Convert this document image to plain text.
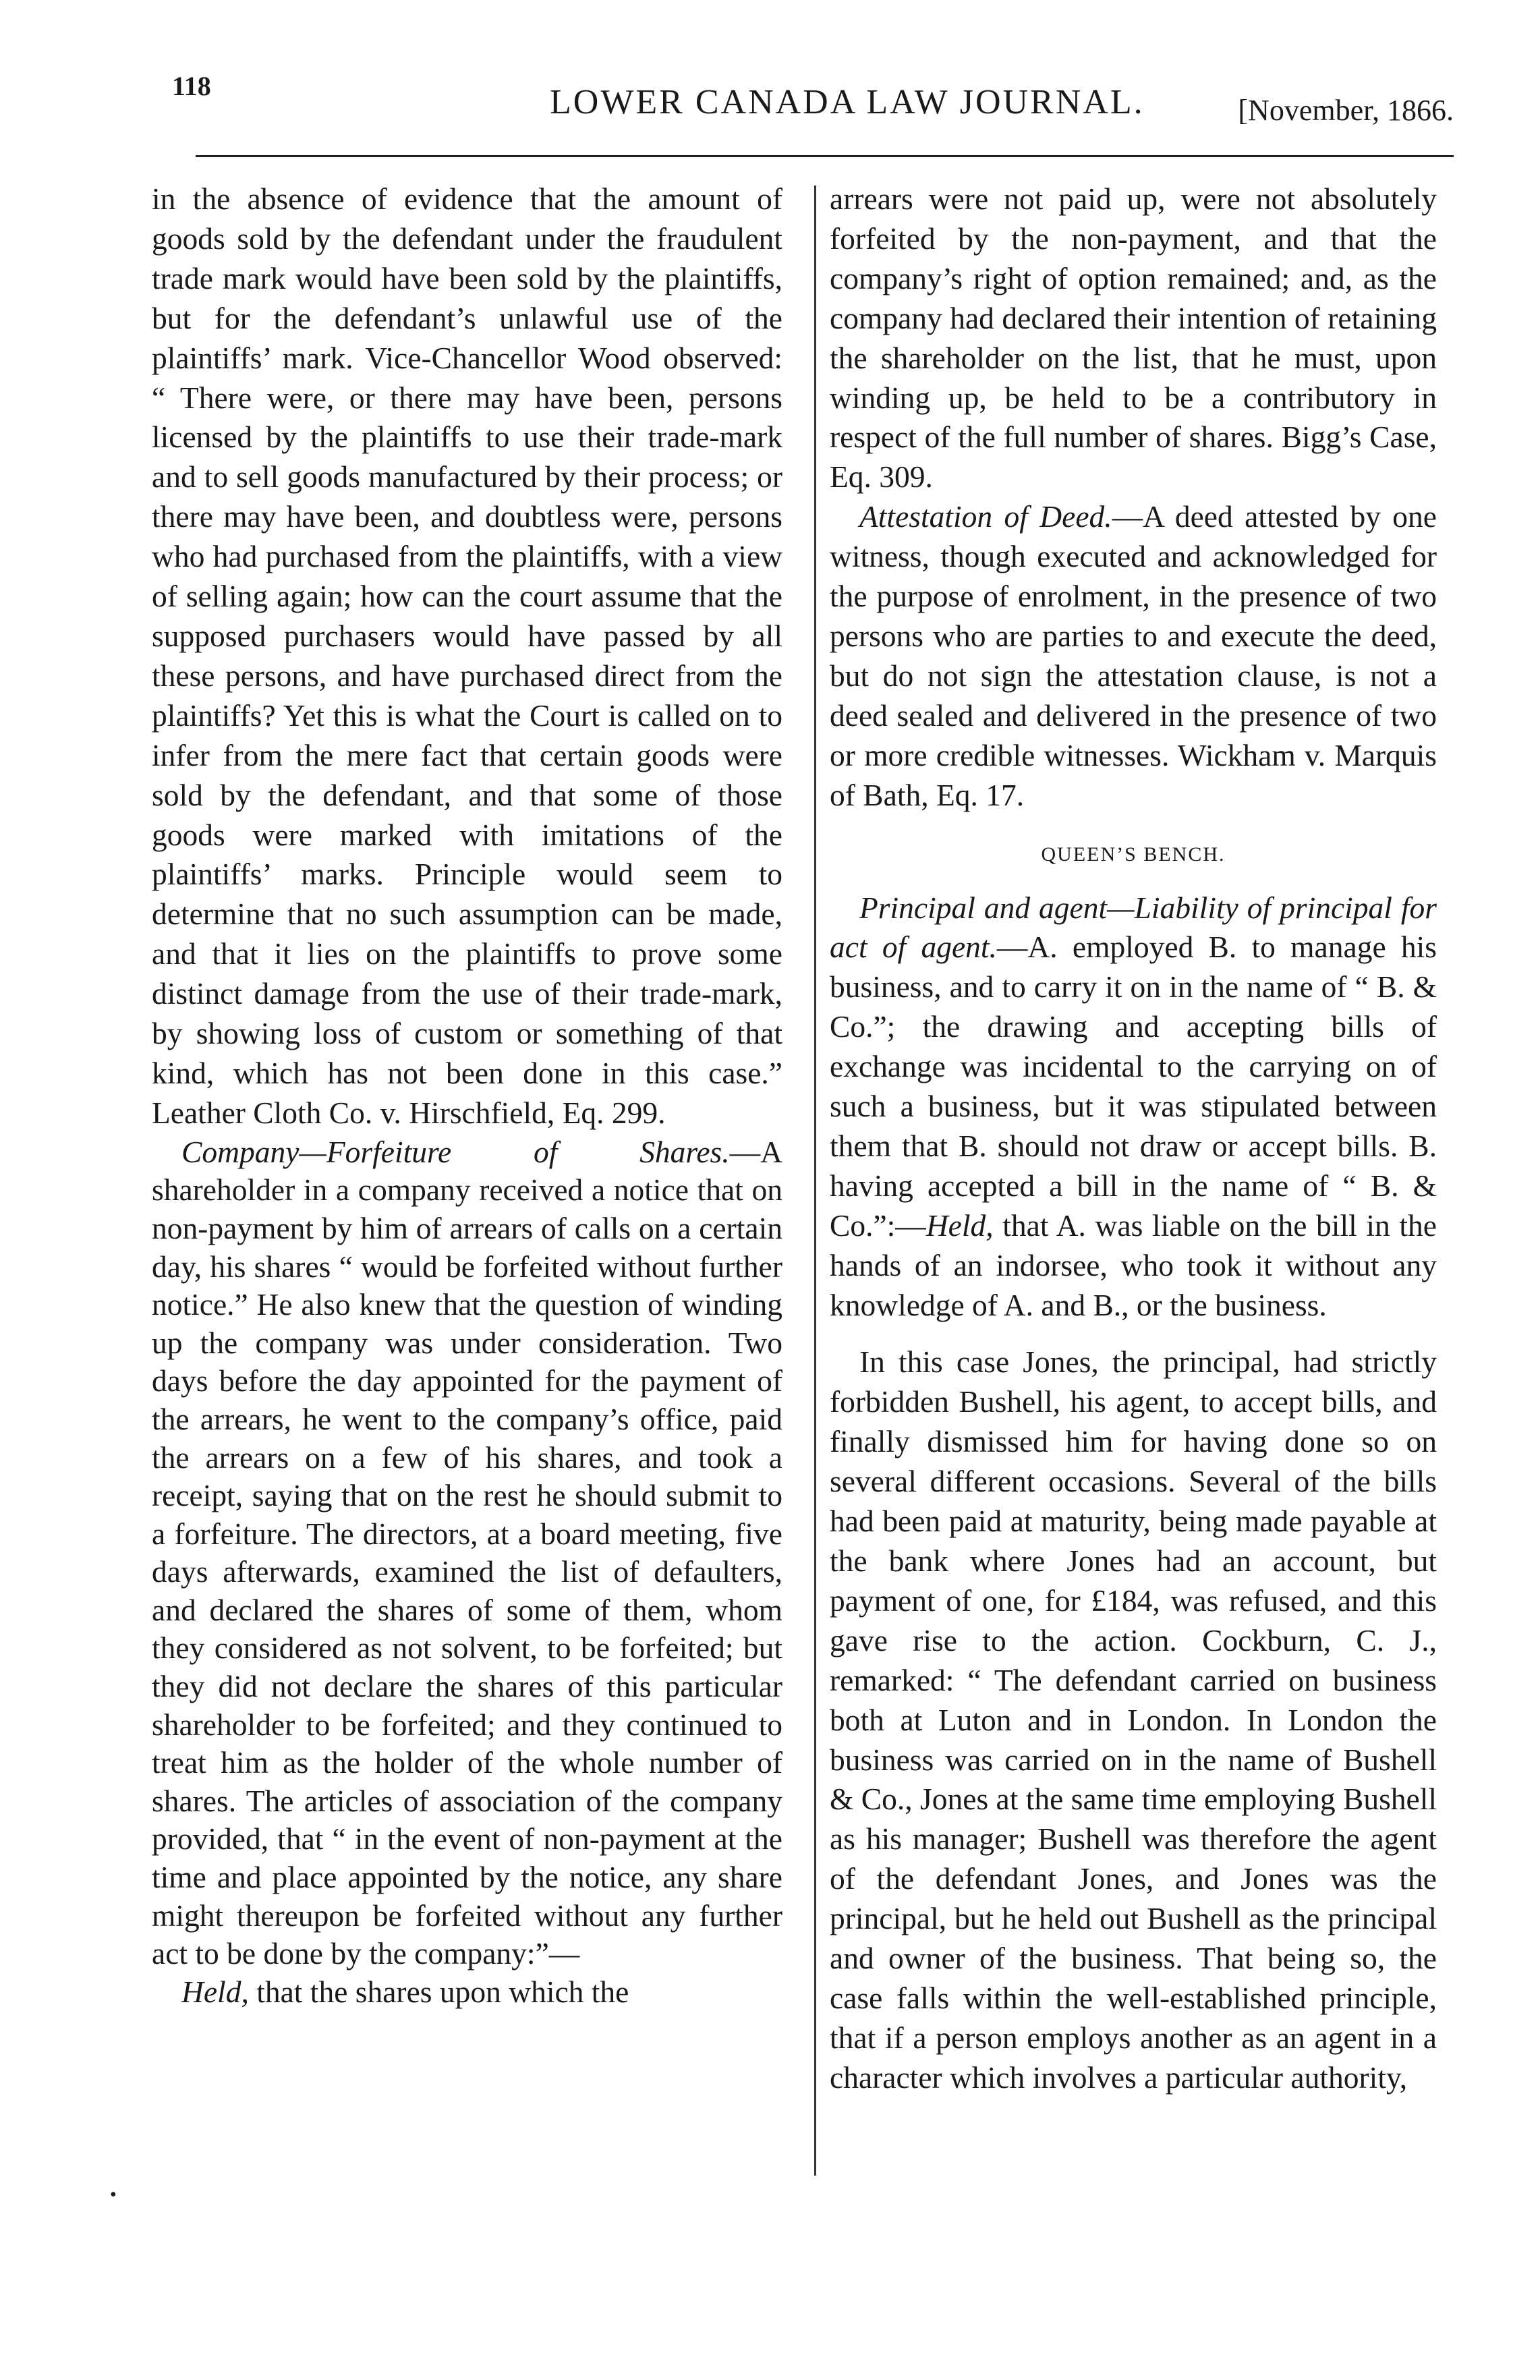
118	LOWER CANADA LAW JOURNAL.	[November, 1866.

in the absence of evidence that the amount of goods sold by the defendant under the fraudulent trade mark would have been sold by the plaintiffs, but for the defendant’s unlawful use of the plaintiffs’ mark. Vice-Chancellor Wood observed: “ There were, or there may have been, persons licensed by the plaintiffs to use their trade-mark and to sell goods manufactured by their process; or there may have been, and doubtless were, persons who had purchased from the plaintiffs, with a view of selling again; how can the court assume that the supposed purchasers would have passed by all these persons, and have purchased direct from the plaintiffs? Yet this is what the Court is called on to infer from the mere fact that certain goods were sold by the defendant, and that some of those goods were marked with imitations of the plaintiffs’ marks. Principle would seem to determine that no such assumption can be made, and that it lies on the plaintiffs to prove some distinct damage from the use of their trade-mark, by showing loss of custom or something of that kind, which has not been done in this case.” Leather Cloth Co. v. Hirschfield, Eq. 299.

Company—Forfeiture of Shares.—A shareholder in a company received a notice that on non-payment by him of arrears of calls on a certain day, his shares “ would be forfeited without further notice.” He also knew that the question of winding up the company was under consideration. Two days before the day appointed for the payment of the arrears, he went to the company’s office, paid the arrears on a few of his shares, and took a receipt, saying that on the rest he should submit to a forfeiture. The directors, at a board meeting, five days afterwards, examined the list of defaulters, and declared the shares of some of them, whom they considered as not solvent, to be forfeited; but they did not declare the shares of this particular shareholder to be forfeited; and they continued to treat him as the holder of the whole number of shares. The articles of association of the company provided, that “ in the event of non-payment at the time and place appointed by the notice, any share might thereupon be forfeited without any further act to be done by the company:”—

Held, that the shares upon which the

arrears were not paid up, were not absolutely forfeited by the non-payment, and that the company’s right of option remained; and, as the company had declared their intention of retaining the shareholder on the list, that he must, upon winding up, be held to be a contributory in respect of the full number of shares. Bigg’s Case, Eq. 309.

Attestation of Deed.—A deed attested by one witness, though executed and acknowledged for the purpose of enrolment, in the presence of two persons who are parties to and execute the deed, but do not sign the attestation clause, is not a deed sealed and delivered in the presence of two or more credible witnesses. Wickham v. Marquis of Bath, Eq. 17.

QUEEN’S BENCH.

Principal and agent—Liability of principal for act of agent.—A. employed B. to manage his business, and to carry it on in the name of “ B. & Co.”; the drawing and accepting bills of exchange was incidental to the carrying on of such a business, but it was stipulated between them that B. should not draw or accept bills. B. having accepted a bill in the name of “ B. & Co.”:—Held, that A. was liable on the bill in the hands of an indorsee, who took it without any knowledge of A. and B., or the business.

In this case Jones, the principal, had strictly forbidden Bushell, his agent, to accept bills, and finally dismissed him for having done so on several different occasions. Several of the bills had been paid at maturity, being made payable at the bank where Jones had an account, but payment of one, for £184, was refused, and this gave rise to the action. Cockburn, C. J., remarked: “ The defendant carried on business both at Luton and in London. In London the business was carried on in the name of Bushell & Co., Jones at the same time employing Bushell as his manager; Bushell was therefore the agent of the defendant Jones, and Jones was the principal, but he held out Bushell as the principal and owner of the business. That being so, the case falls within the well-established principle, that if a person employs another as an agent in a character which involves a particular authority,

•
